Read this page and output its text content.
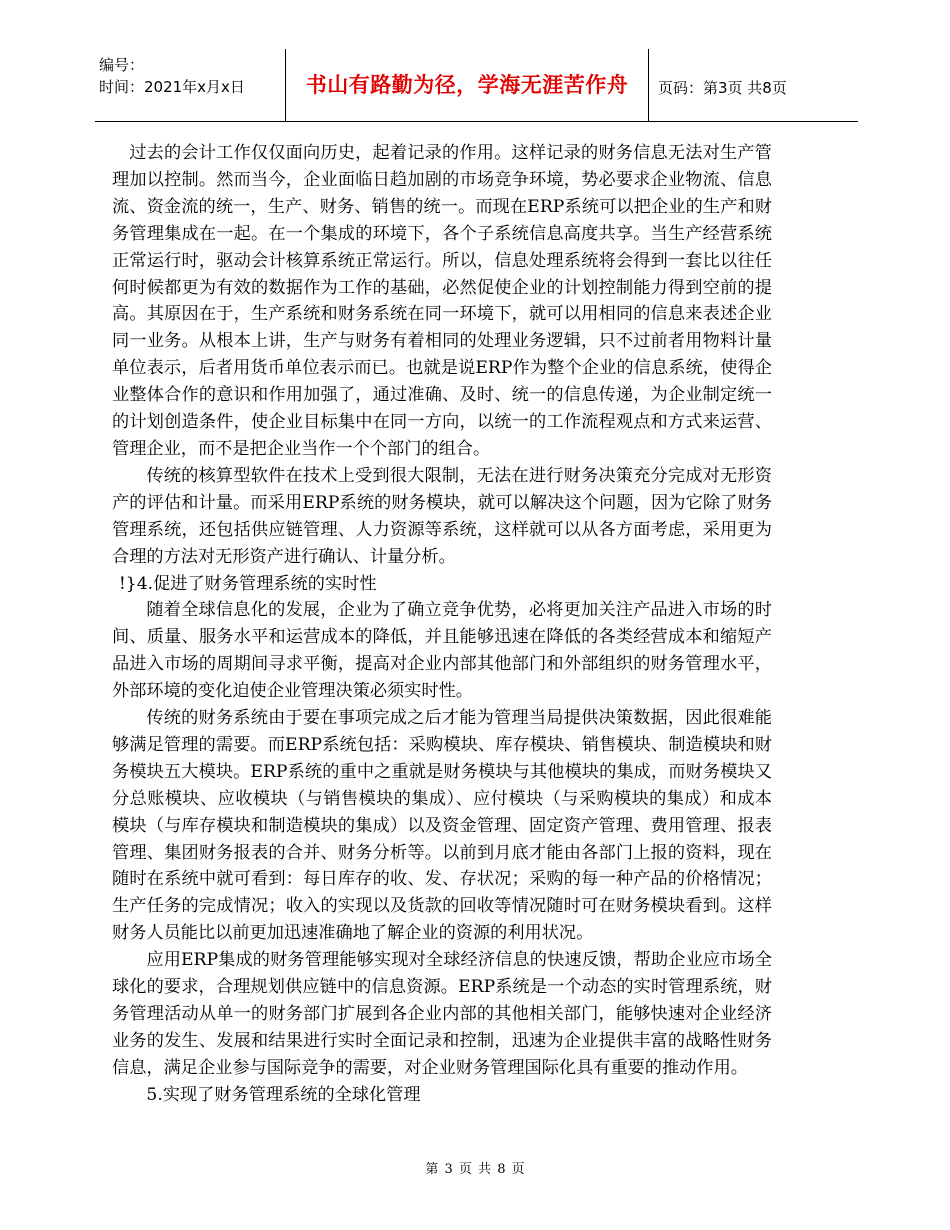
编号：
时间：2021年x月x日	书山有路勤为径，学海无涯苦作舟	页码：第3页 共8页

过去的会计工作仅仅面向历史，起着记录的作用。这样记录的财务信息无法对生产管理加以控制。然而当今，企业面临日趋加剧的市场竞争环境，势必要求企业物流、信息流、资金流的统一，生产、财务、销售的统一。而现在ERP系统可以把企业的生产和财务管理集成在一起。在一个集成的环境下，各个子系统信息高度共享。当生产经营系统正常运行时，驱动会计核算系统正常运行。所以，信息处理系统将会得到一套比以往任何时候都更为有效的数据作为工作的基础，必然促使企业的计划控制能力得到空前的提高。其原因在于，生产系统和财务系统在同一环境下，就可以用相同的信息来表述企业同一业务。从根本上讲，生产与财务有着相同的处理业务逻辑，只不过前者用物料计量单位表示，后者用货币单位表示而已。也就是说ERP作为整个企业的信息系统，使得企业整体合作的意识和作用加强了，通过准确、及时、统一的信息传递，为企业制定统一的计划创造条件，使企业目标集中在同一方向，以统一的工作流程观点和方式来运营、管理企业，而不是把企业当作一个个部门的组合。

传统的核算型软件在技术上受到很大限制，无法在进行财务决策充分完成对无形资产的评估和计量。而采用ERP系统的财务模块，就可以解决这个问题，因为它除了财务管理系统，还包括供应链管理、人力资源等系统，这样就可以从各方面考虑，采用更为合理的方法对无形资产进行确认、计量分析。

!}4.促进了财务管理系统的实时性

随着全球信息化的发展，企业为了确立竞争优势，必将更加关注产品进入市场的时间、质量、服务水平和运营成本的降低，并且能够迅速在降低的各类经营成本和缩短产品进入市场的周期间寻求平衡，提高对企业内部其他部门和外部组织的财务管理水平，外部环境的变化迫使企业管理决策必须实时性。

传统的财务系统由于要在事项完成之后才能为管理当局提供决策数据，因此很难能够满足管理的需要。而ERP系统包括：采购模块、库存模块、销售模块、制造模块和财务模块五大模块。ERP系统的重中之重就是财务模块与其他模块的集成，而财务模块又分总账模块、应收模块（与销售模块的集成）、应付模块（与采购模块的集成）和成本模块（与库存模块和制造模块的集成）以及资金管理、固定资产管理、费用管理、报表管理、集团财务报表的合并、财务分析等。以前到月底才能由各部门上报的资料，现在随时在系统中就可看到：每日库存的收、发、存状况；采购的每一种产品的价格情况；生产任务的完成情况；收入的实现以及货款的回收等情况随时可在财务模块看到。这样财务人员能比以前更加迅速准确地了解企业的资源的利用状况。

应用ERP集成的财务管理能够实现对全球经济信息的快速反馈，帮助企业应市场全球化的要求，合理规划供应链中的信息资源。ERP系统是一个动态的实时管理系统，财务管理活动从单一的财务部门扩展到各企业内部的其他相关部门，能够快速对企业经济业务的发生、发展和结果进行实时全面记录和控制，迅速为企业提供丰富的战略性财务信息，满足企业参与国际竞争的需要，对企业财务管理国际化具有重要的推动作用。

5.实现了财务管理系统的全球化管理

第 3 页 共 8 页
